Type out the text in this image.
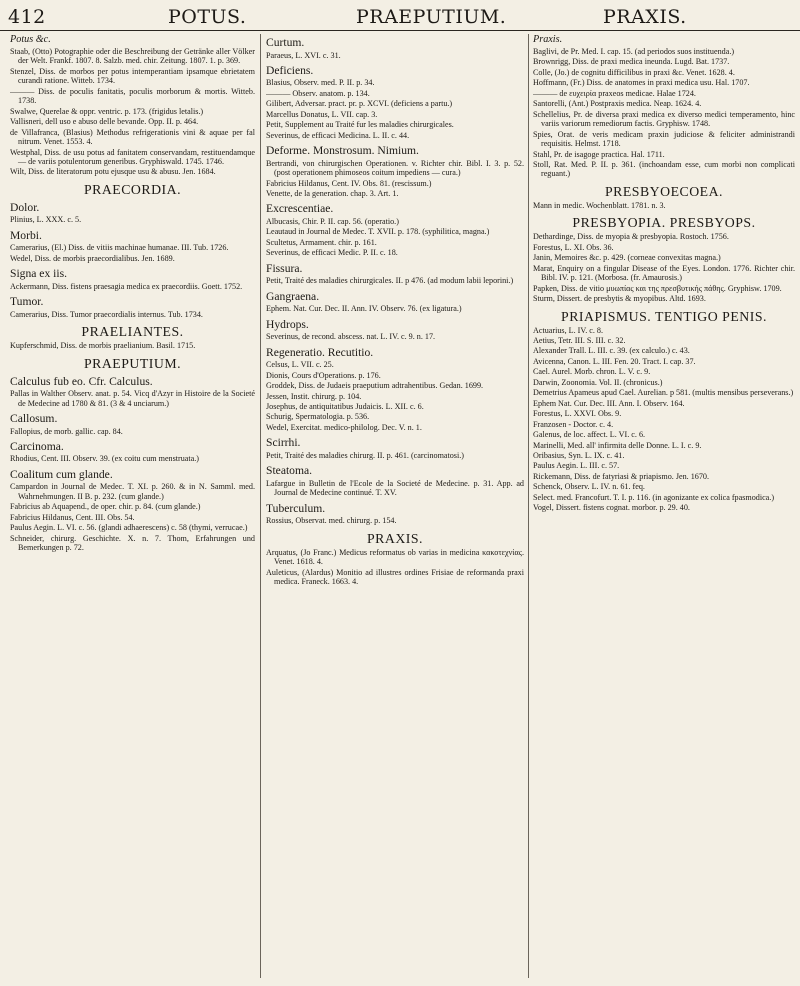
412	POTUS.	PRAEPUTIUM.	PRAXIS.
Potus &c.

Staab, (Otto) Potographie oder die Beschreibung der Getränke aller Völker der Welt. Frankf. 1807. 8. Salzb. med. chir. Zeitung. 1807. 1. p. 369.

Stenzel, Diss. de morbos per potus intemperantiam ipsamque ebrietatem curandi ratione. Witteb. 1734.

——— Diss. de poculis fanitatis, poculis morborum & mortis. Witteb. 1738.

Swalwe, Querelae & oppr. ventric. p. 173. (frigidus letalis.)

Vallisneri, dell uso e abuso delle bevande. Opp. II. p. 464.

de Villafranca, (Blasius) Methodus refrigerationis vini & aquae per fal nitrum. Venet. 1553. 4.

Westphal, Diss. de usu potus ad fanitatem conservandam, restituendamque — de variis potulentorum generibus. Gryphiswald. 1745. 1746.

Wilt, Diss. de literatorum potu ejusque usu & abusu. Jen. 1684.

PRAECORDIA.
Dolor.

Plinius, L. XXX. c. 5.

Morbi.

Camerarius, (El.) Diss. de vitiis machinae humanae. III. Tub. 1726.

Wedel, Diss. de morbis praecordialibus. Jen. 1689.

Signa ex iis.

Ackermann, Diss. fistens praesagia medica ex praecordiis. Goett. 1752.

Tumor.

Camerarius, Diss. Tumor praecordialis internus. Tub. 1734.

PRAELIANTES.

Kupferschmid, Diss. de morbis praelianium. Basil. 1715.

PRAEPUTIUM.
Calculus fub eo. Cfr. Calculus.

Pallas in Walther Observ. anat. p. 54. Vicq d'Azyr in Histoire de la Societé de Medecine ad 1780 & 81. (3 & 4 unciarum.)

Callosum.

Fallopius, de morb. gallic. cap. 84.

Carcinoma.

Rhodius, Cent. III. Observ. 39. (ex coitu cum menstruata.)

Coalitum cum glande.

Campardon in Journal de Medec. T. XI. p. 260. & in N. Samml. med. Wahrnehmungen. II B. p. 232. (cum glande.)

Fabricius ab Aquapend., de oper. chir. p. 84. (cum glande.)

Fabricius Hildanus, Cent. III. Obs. 54.

Paulus Aegin. L. VI. c. 56. (glandi adhaerescens) c. 58 (thymi, verrucae.)

Schneider, chirurg. Geschichte. X. n. 7. Thom, Erfahrungen und Bemerkungen p. 72.

Curtum.

Paraeus, L. XVI. c. 31.

Deficiens.

Blasius, Observ. med. P. II. p. 34.

——— Observ. anatom. p. 134.

Gilibert, Adversar. pract. pr. p. XCVI. (deficiens a partu.)

Marcellus Donatus, L. VII. cap. 3.

Petit, Supplement au Traité fur les maladies chirurgicales.

Severinus, de efficaci Medicina. L. II. c. 44.

Deforme. Monstrosum. Nimium.

Bertrandi, von chirurgischen Operationen. v. Richter chir. Bibl. I. 3. p. 52. (post operationem phimoseos coitum impediens — cura.)

Fabricius Hildanus, Cent. IV. Obs. 81. (rescissum.)

Venette, de la generation. chap. 3. Art. 1.

Excrescentiae.

Albucasis, Chir. P. II. cap. 56. (operatio.)

Leautaud in Journal de Medec. T. XVII. p. 178. (syphilitica, magna.)

Scultetus, Armament. chir. p. 161.

Severinus, de efficaci Medic. P. II. c. 18.

Fissura.

Petit, Traité des maladies chirurgicales. II. p 476. (ad modum labii leporini.)

Gangraena.

Ephem. Nat. Cur. Dec. II. Ann. IV. Observ. 76. (ex ligatura.)

Hydrops.

Severinus, de recond. abscess. nat. L. IV. c. 9. n. 17.

Regeneratio. Recutitio.

Celsus, L. VII. c. 25.

Dionis, Cours d'Operations. p. 176.

Groddek, Diss. de Judaeis praeputium adtrahentibus. Gedan. 1699.

Jessen, Instit. chirurg. p. 104.

Josephus, de antiquitatibus Judaicis. L. XII. c. 6.

Schurig, Spermatologia. p. 536.

Wedel, Exercitat. medico-philolog. Dec. V. n. 1.

Scirrhi.

Petit, Traité des maladies chirurg. II. p. 461. (carcinomatosi.)

Steatoma.

Lafargue in Bulletin de l'Ecole de la Societé de Medecine. p. 31. App. ad Journal de Medecine continué. T. XV.

Tuberculum.

Rossius, Observat. med. chirurg. p. 154.

PRAXIS.

Arquatus, (Jo Franc.) Medicus reformatus ob varias in medicina κακοτεχνίας. Venet. 1618. 4.

Auleticus, (Alardus) Monitio ad illustres ordines Frisiae de reformanda praxi medica. Franeck. 1663. 4.

Praxis.

Baglivi, de Pr. Med. I. cap. 15. (ad periodos suos instituenda.)

Brownrigg, Diss. de praxi medica ineunda. Lugd. Bat. 1737.

Colle, (Jo.) de cognitu difficilibus in praxi &c. Venet. 1628. 4.

Hoffmann, (Fr.) Diss. de anatomes in praxi medica usu. Hal. 1707.

——— de ευχειρία praxeos medicae. Halae 1724.

Santorelli, (Ant.) Postpraxis medica. Neap. 1624. 4.

Schellelius, Pr. de diversa praxi medica ex diverso medici temperamento, hinc variis variorum remediorum factis. Gryphisw. 1748.

Spies, Orat. de veris medicam praxin judiciose & feliciter administrandi requisitis. Helmst. 1718.

Stahl, Pr. de isagoge practica. Hal. 1711.

Stoll, Rat. Med. P. II. p. 361. (inchoandam esse, cum morbi non complicati reguant.)

PRESBYOECOEA.

Mann in medic. Wochenblatt. 1781. n. 3.

PRESBYOPIA. PRESBYOPS.

Dethardinge, Diss. de myopia & presbyopia. Rostoch. 1756.

Forestus, L. XI. Obs. 36.

Janin, Memoires &c. p. 429. (corneae convexitas magna.)

Marat, Enquiry on a fingular Disease of the Eyes. London. 1776. Richter chir. Bibl. IV. p. 121. (Morbosa. (fr. Amaurosis.)

Papken, Diss. de vitio μυωπίας και της πρεσβυτικής πάθης. Gryphisw. 1709.

Sturm, Dissert. de presbytis & myopibus. Altd. 1693.

PRIAPISMUS. TENTIGO PENIS.

Actuarius, L. IV. c. 8.

Aetius, Tetr. III. S. III. c. 32.

Alexander Trall. L. III. c. 39. (ex calculo.) c. 43.

Avicenna, Canon. L. III. Fen. 20. Tract. I. cap. 37.

Cael. Aurel. Morb. chron. L. V. c. 9.

Darwin, Zoonomia. Vol. II. (chronicus.)

Demetrius Apameus apud Cael. Aurelian. p 581. (multis mensibus perseverans.)

Ephem Nat. Cur. Dec. III. Ann. I. Observ. 164.

Forestus, L. XXVI. Obs. 9.

Franzosen - Doctor. c. 4.

Galenus, de loc. affect. L. VI. c. 6.

Marinelli, Med. all' infirmita delle Donne. L. I. c. 9.

Oribasius, Syn. L. IX. c. 41.

Paulus Aegin. L. III. c. 57.

Rickemann, Diss. de fatyriasi & priapismo. Jen. 1670.

Schenck, Observ. L. IV. n. 61. feq.

Select. med. Francofurt. T. I. p. 116. (in agonizante ex colica fpasmodica.)

Vogel, Dissert. fistens cognat. morbor. p. 29. 40.
